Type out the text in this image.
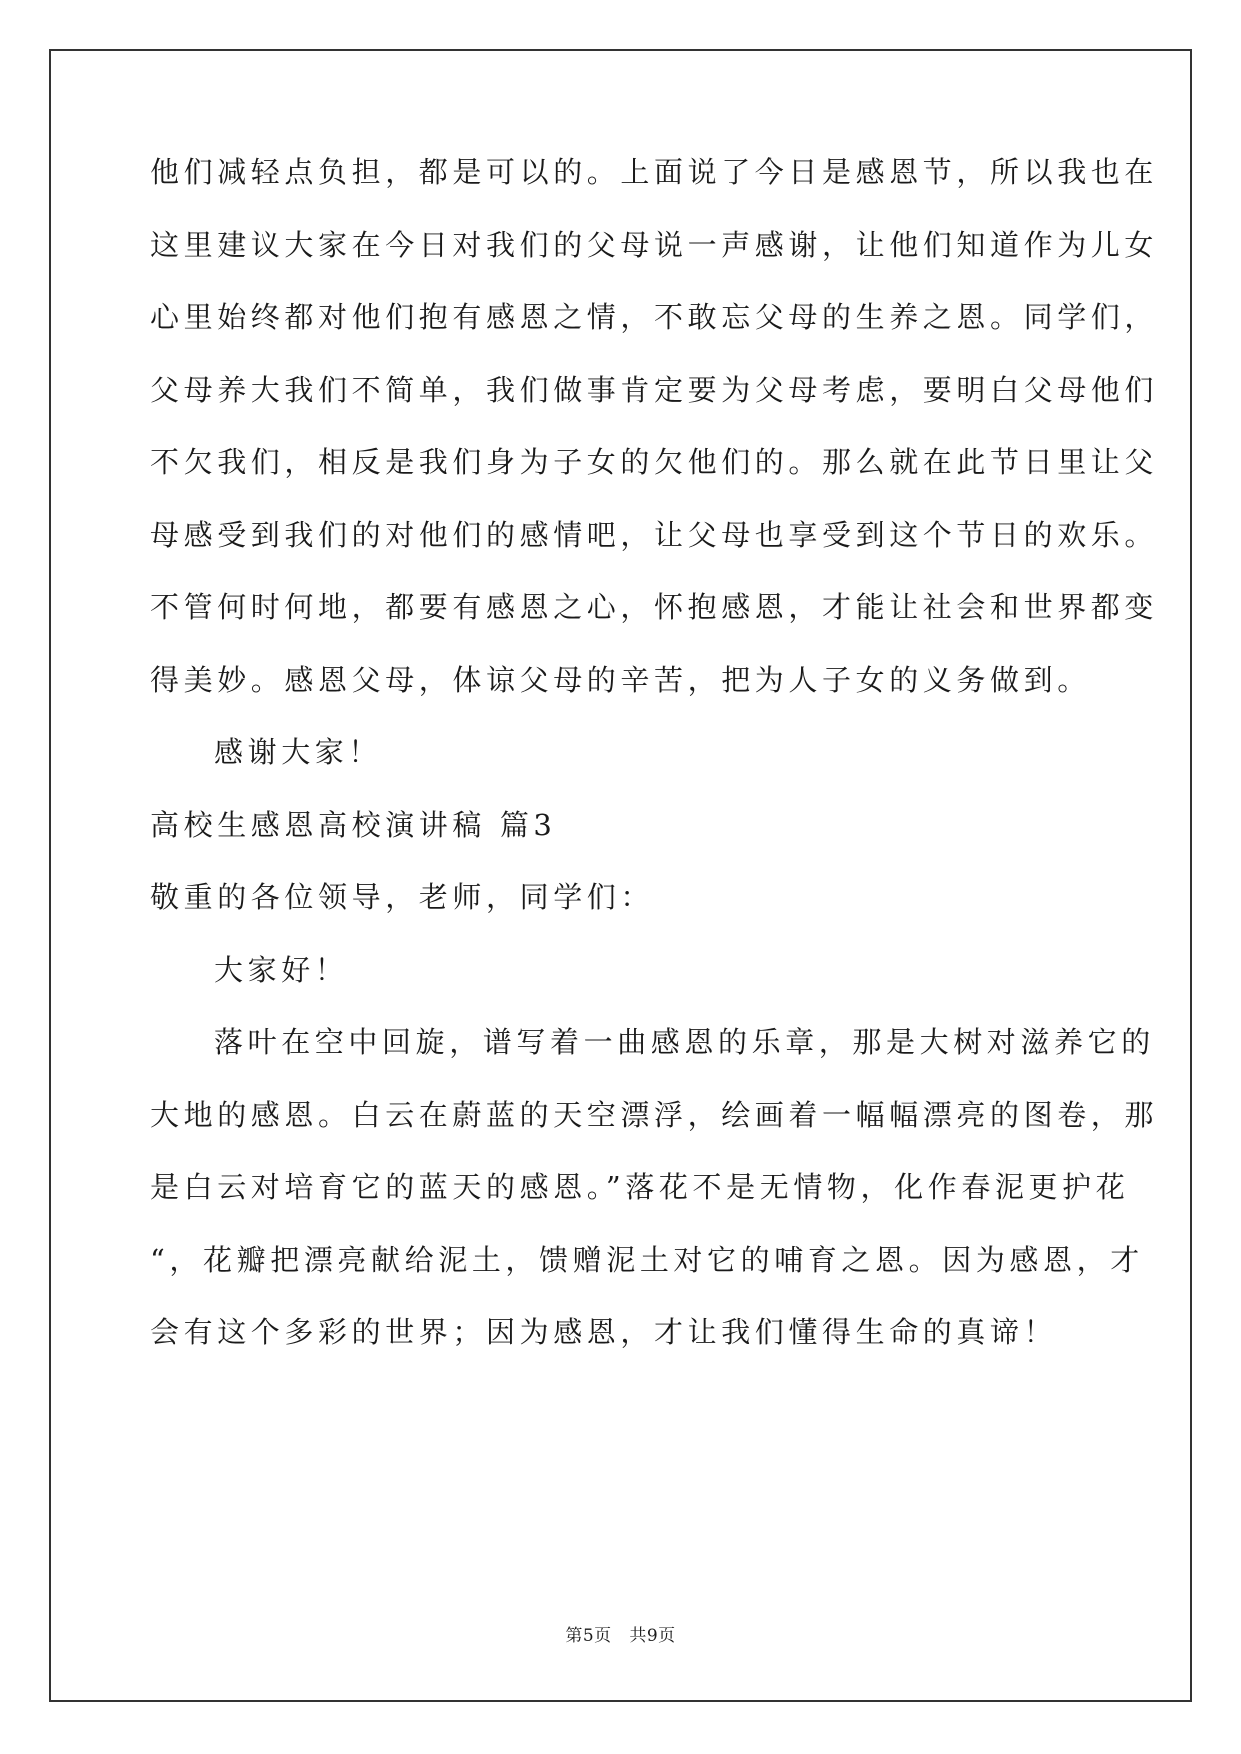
他们减轻点负担，都是可以的。上面说了今日是感恩节，所以我也在
这里建议大家在今日对我们的父母说一声感谢，让他们知道作为儿女
心里始终都对他们抱有感恩之情，不敢忘父母的生养之恩。同学们，
父母养大我们不简单，我们做事肯定要为父母考虑，要明白父母他们
不欠我们，相反是我们身为子女的欠他们的。那么就在此节日里让父
母感受到我们的对他们的感情吧，让父母也享受到这个节日的欢乐。
不管何时何地，都要有感恩之心，怀抱感恩，才能让社会和世界都变
得美妙。感恩父母，体谅父母的辛苦，把为人子女的义务做到。
感谢大家！
高校生感恩高校演讲稿 篇3
敬重的各位领导，老师，同学们：
大家好！
落叶在空中回旋，谱写着一曲感恩的乐章，那是大树对滋养它的
大地的感恩。白云在蔚蓝的天空漂浮，绘画着一幅幅漂亮的图卷，那
是白云对培育它的蓝天的感恩。”落花不是无情物，化作春泥更护花
“，花瓣把漂亮献给泥土，馈赠泥土对它的哺育之恩。因为感恩，才
会有这个多彩的世界；因为感恩，才让我们懂得生命的真谛！
第5页   共9页
